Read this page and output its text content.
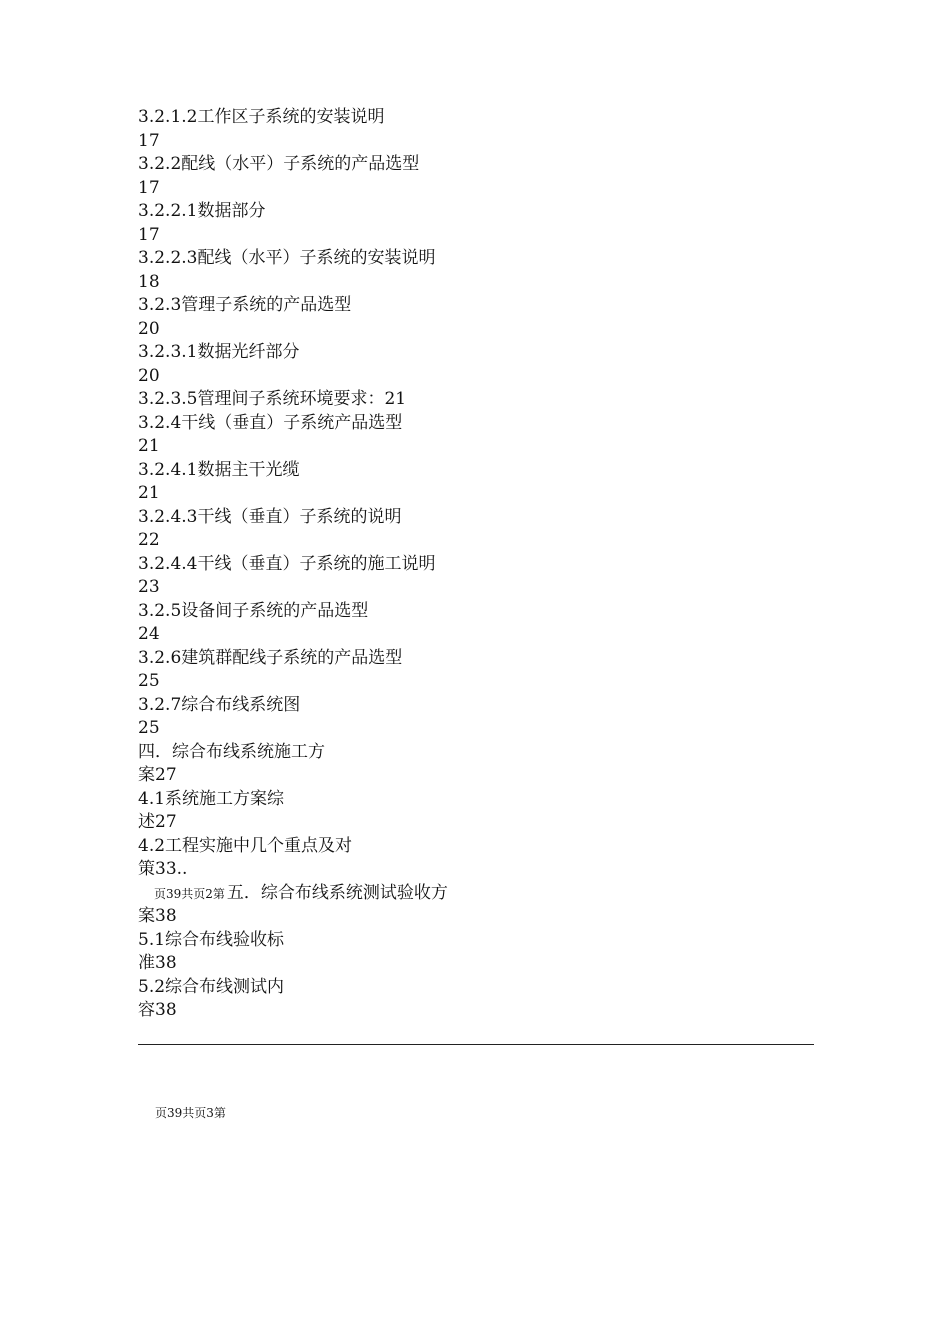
3.2.1.2工作区子系统的安装说明
17
3.2.2配线（水平）子系统的产品选型
17
3.2.2.1数据部分
17
3.2.2.3配线（水平）子系统的安装说明
18
3.2.3管理子系统的产品选型
20
3.2.3.1数据光纤部分
20
3.2.3.5管理间子系统环境要求：21
3.2.4干线（垂直）子系统产品选型
21
3.2.4.1数据主干光缆
21
3.2.4.3干线（垂直）子系统的说明
22
3.2.4.4干线（垂直）子系统的施工说明
23
3.2.5设备间子系统的产品选型
24
3.2.6建筑群配线子系统的产品选型
25
3.2.7综合布线系统图
25
四．综合布线系统施工方
案27
4.1系统施工方案综
述27
4.2工程实施中几个重点及对
策33..
页39共页2第 五．综合布线系统测试验收方
案38
5.1综合布线验收标
准38
5.2综合布线测试内
容38
页39共页3第
